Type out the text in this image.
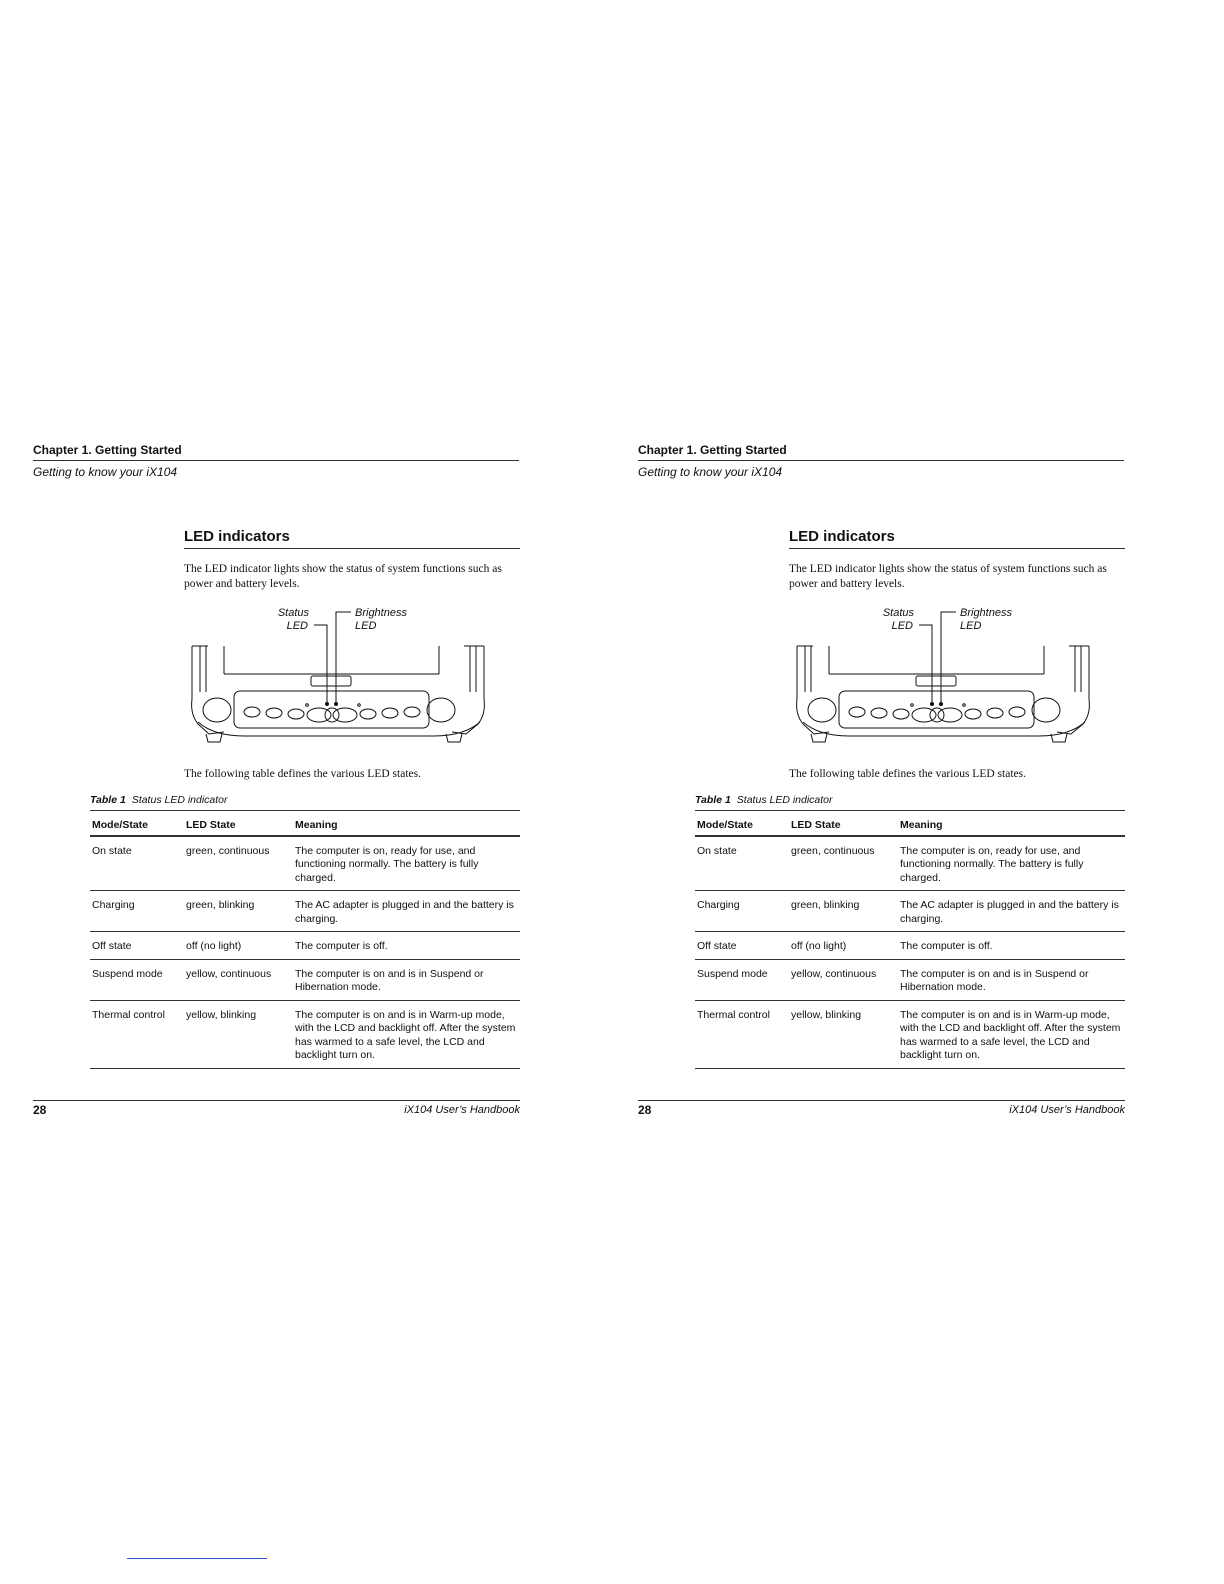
Chapter 1. Getting Started
Getting to know your iX104
LED indicators
The LED indicator lights show the status of system functions such as power and battery levels.
Status
LED
Brightness
LED
The following table defines the various LED states.
Table 1 Status LED indicator
Mode/State	LED State	Meaning
On state	green, continuous	The computer is on, ready for use, and functioning normally. The battery is fully charged.
Charging	green, blinking	The AC adapter is plugged in and the battery is charging.
Off state	off (no light)	The computer is off.
Suspend mode	yellow, continuous	The computer is on and is in Suspend or Hibernation mode.
Thermal control	yellow, blinking	The computer is on and is in Warm-up mode, with the LCD and backlight off. After the system has warmed to a safe level, the LCD and backlight turn on.
28	iX104 User’s Handbook
Chapter 1. Getting Started
Getting to know your iX104
LED indicators
The LED indicator lights show the status of system functions such as power and battery levels.
Status
LED
Brightness
LED
The following table defines the various LED states.
Table 1 Status LED indicator
Mode/State	LED State	Meaning
On state	green, continuous	The computer is on, ready for use, and functioning normally. The battery is fully charged.
Charging	green, blinking	The AC adapter is plugged in and the battery is charging.
Off state	off (no light)	The computer is off.
Suspend mode	yellow, continuous	The computer is on and is in Suspend or Hibernation mode.
Thermal control	yellow, blinking	The computer is on and is in Warm-up mode, with the LCD and backlight off. After the system has warmed to a safe level, the LCD and backlight turn on.
28	iX104 User’s Handbook
